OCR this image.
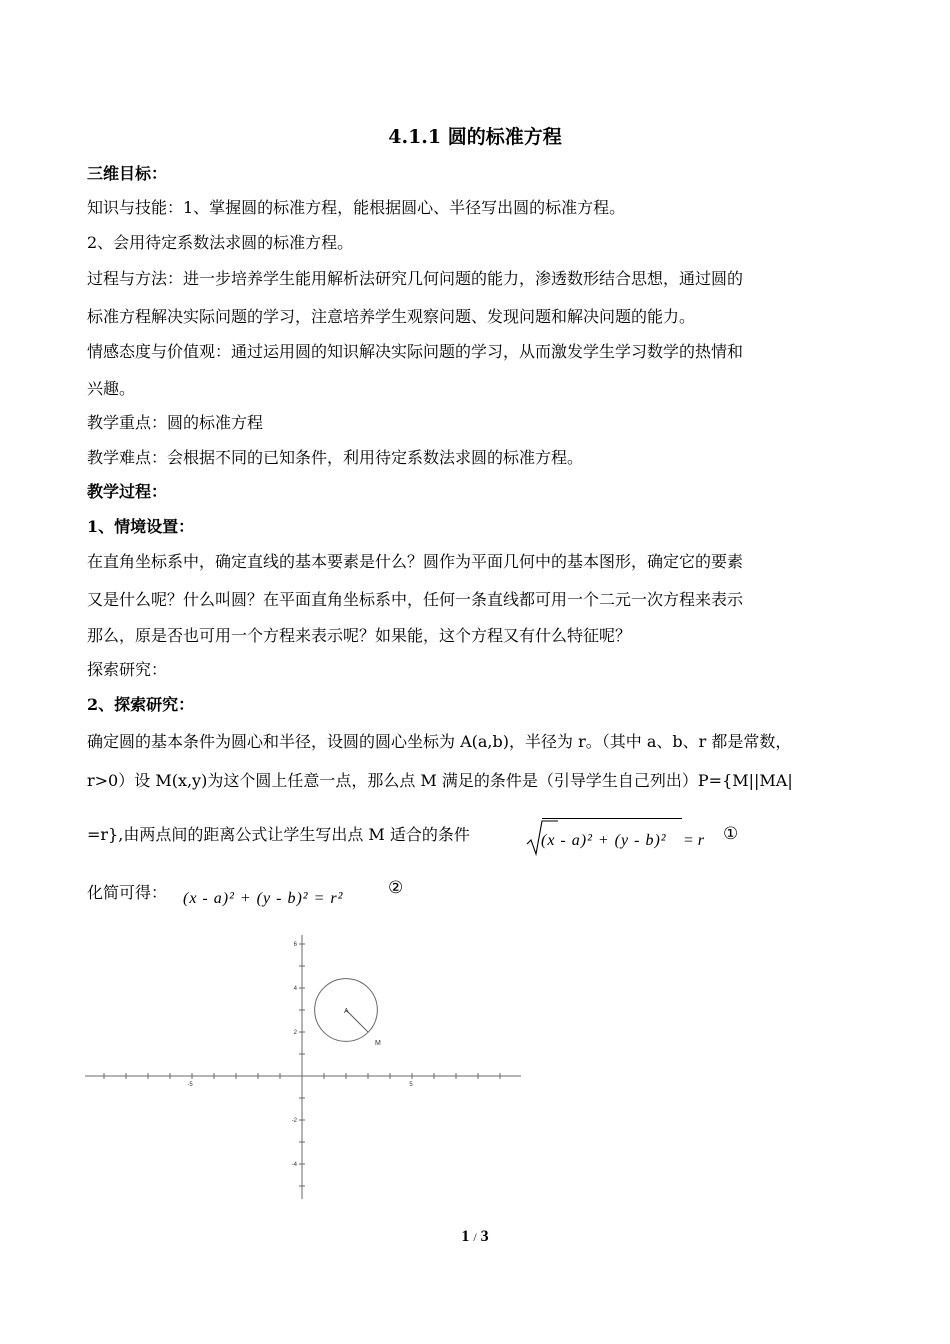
4.1.1 圆的标准方程
三维目标：
知识与技能：1、掌握圆的标准方程，能根据圆心、半径写出圆的标准方程。
2、会用待定系数法求圆的标准方程。
过程与方法：进一步培养学生能用解析法研究几何问题的能力，渗透数形结合思想，通过圆的
标准方程解决实际问题的学习，注意培养学生观察问题、发现问题和解决问题的能力。
情感态度与价值观：通过运用圆的知识解决实际问题的学习，从而激发学生学习数学的热情和
兴趣。
教学重点：圆的标准方程
教学难点：会根据不同的已知条件，利用待定系数法求圆的标准方程。
教学过程：
1、情境设置：
在直角坐标系中，确定直线的基本要素是什么？圆作为平面几何中的基本图形，确定它的要素
又是什么呢？什么叫圆？在平面直角坐标系中，任何一条直线都可用一个二元一次方程来表示
那么，原是否也可用一个方程来表示呢？如果能，这个方程又有什么特征呢？
探索研究：
2、探索研究：
确定圆的基本条件为圆心和半径，设圆的圆心坐标为 A(a,b)，半径为 r。（其中 a、b、r 都是常数，
r>0）设 M(x,y)为这个圆上任意一点，那么点 M 满足的条件是（引导学生自己列出）P={M||MA|
=r},由两点间的距离公式让学生写出点 M 适合的条件	(x - a)² + (y - b)² = r ①
化简可得： (x - a)² + (y - b)² = r²
②
-5	5
6
4
2
-2
-4
A
M
1 / 3
